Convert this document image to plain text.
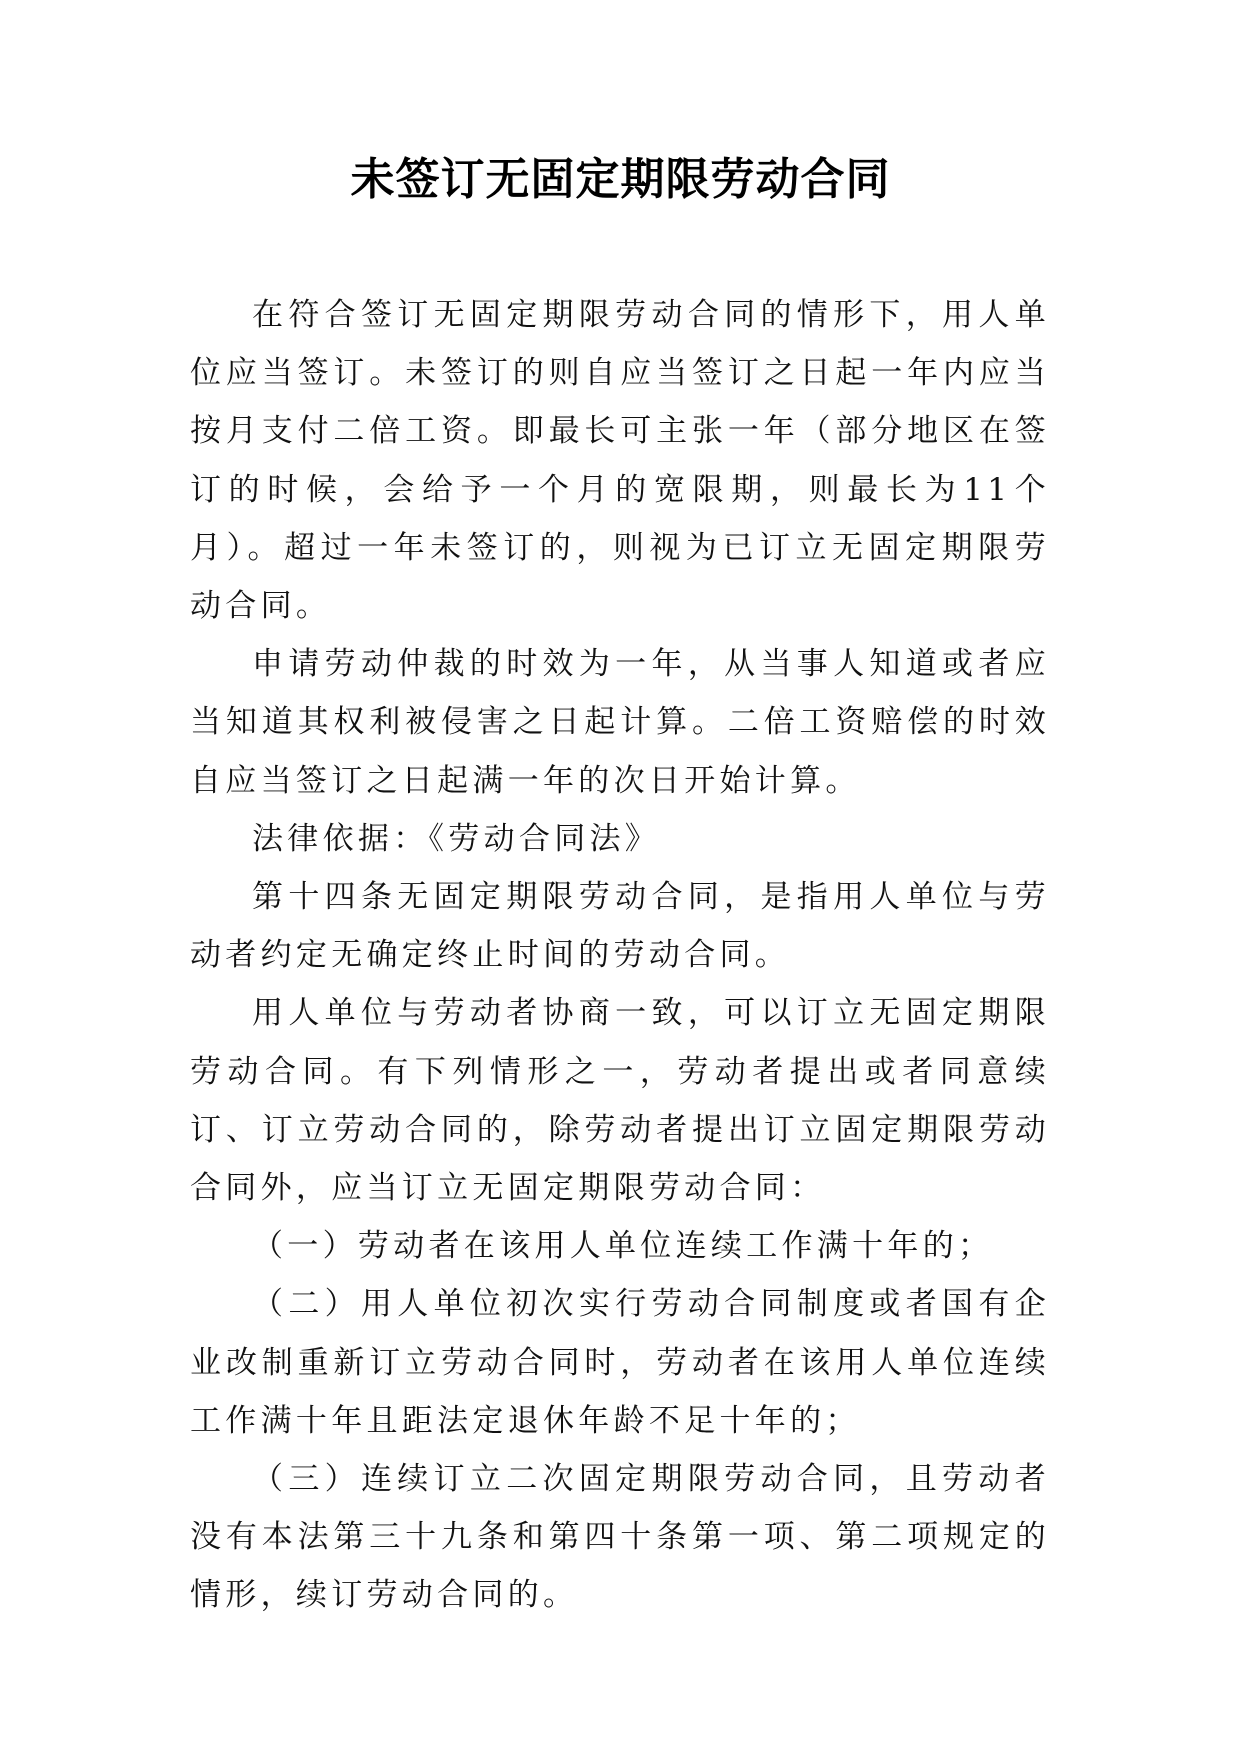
未签订无固定期限劳动合同

在符合签订无固定期限劳动合同的情形下，用人单位应当签订。未签订的则自应当签订之日起一年内应当按月支付二倍工资。即最长可主张一年（部分地区在签订的时候，会给予一个月的宽限期，则最长为11个月）。超过一年未签订的，则视为已订立无固定期限劳动合同。

申请劳动仲裁的时效为一年，从当事人知道或者应当知道其权利被侵害之日起计算。二倍工资赔偿的时效自应当签订之日起满一年的次日开始计算。

法律依据：《劳动合同法》

第十四条无固定期限劳动合同，是指用人单位与劳动者约定无确定终止时间的劳动合同。

用人单位与劳动者协商一致，可以订立无固定期限劳动合同。有下列情形之一，劳动者提出或者同意续订、订立劳动合同的，除劳动者提出订立固定期限劳动合同外，应当订立无固定期限劳动合同：

（一）劳动者在该用人单位连续工作满十年的；

（二）用人单位初次实行劳动合同制度或者国有企业改制重新订立劳动合同时，劳动者在该用人单位连续工作满十年且距法定退休年龄不足十年的；

（三）连续订立二次固定期限劳动合同，且劳动者没有本法第三十九条和第四十条第一项、第二项规定的情形，续订劳动合同的。
